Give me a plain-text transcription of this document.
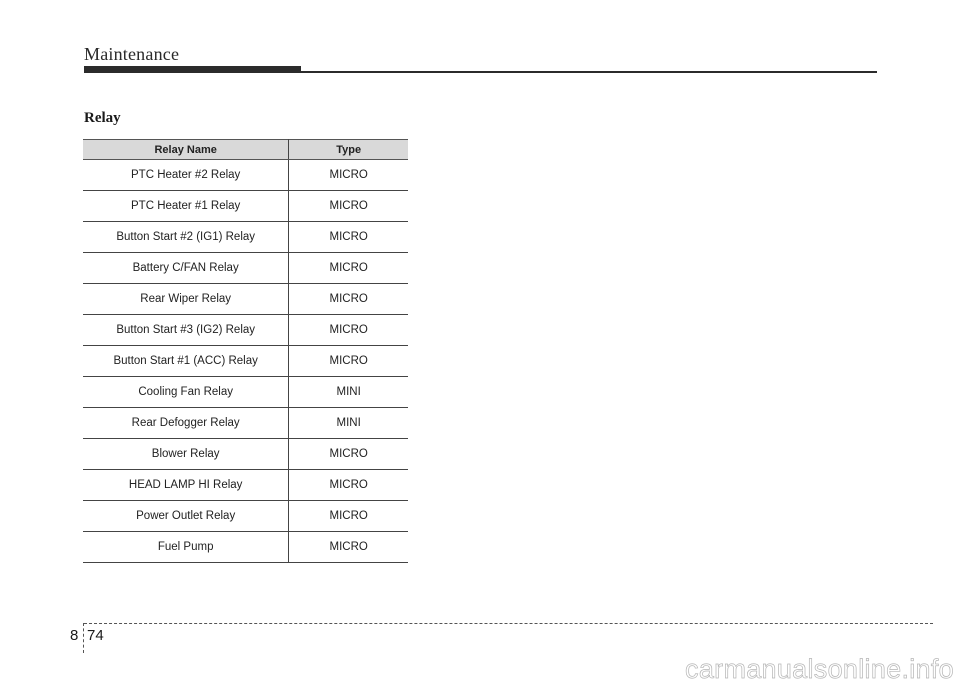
Maintenance
Relay
Relay Name	Type
PTC Heater #2 Relay	MICRO
PTC Heater #1 Relay	MICRO
Button Start #2 (IG1) Relay	MICRO
Battery C/FAN Relay	MICRO
Rear Wiper Relay	MICRO
Button Start #3 (IG2) Relay	MICRO
Button Start #1 (ACC) Relay	MICRO
Cooling Fan Relay	MINI
Rear Defogger Relay	MINI
Blower Relay	MICRO
HEAD LAMP HI Relay	MICRO
Power Outlet Relay	MICRO
Fuel Pump	MICRO
8 74
carmanualsonline.info
